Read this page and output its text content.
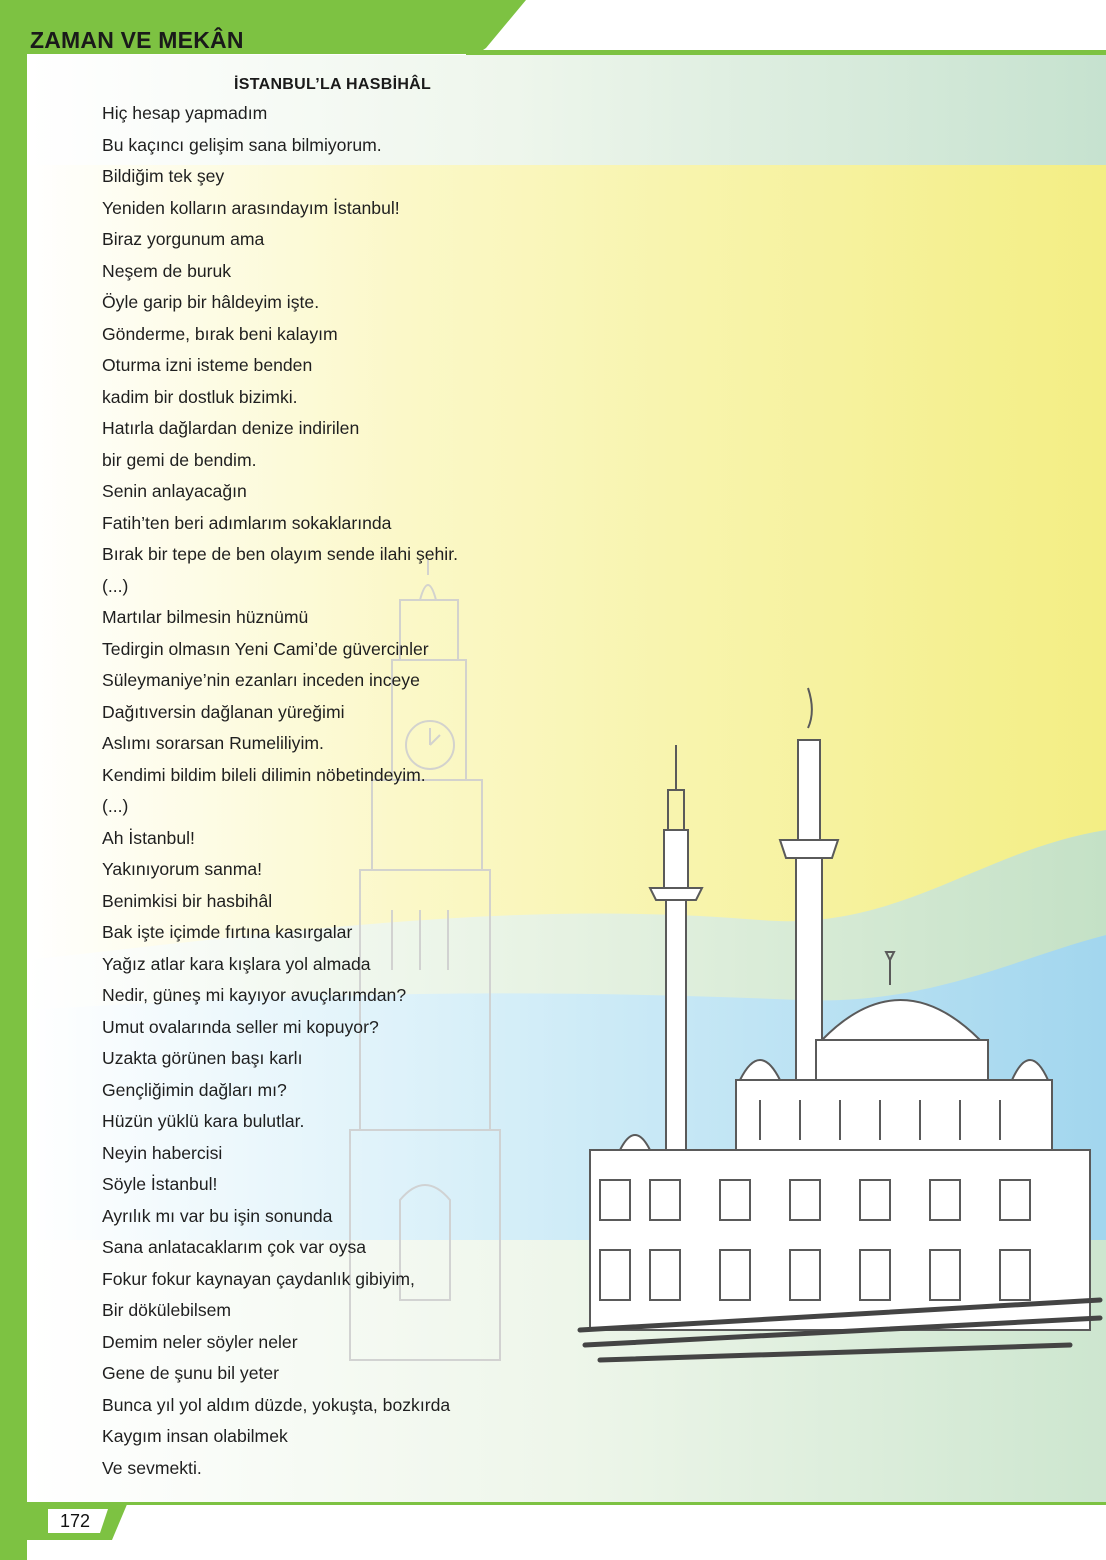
ZAMAN VE MEKÂN
İSTANBUL’LA HASBİHÂL
Hiç hesap yapmadım
Bu kaçıncı gelişim sana bilmiyorum.
Bildiğim tek şey
Yeniden kolların arasındayım İstanbul!
Biraz yorgunum ama
Neşem de buruk
Öyle garip bir hâldeyim işte.
Gönderme, bırak beni kalayım
Oturma izni isteme benden
kadim bir dostluk bizimki.
Hatırla dağlardan denize indirilen
bir gemi de bendim.
Senin anlayacağın
Fatih’ten beri adımlarım sokaklarında
Bırak bir tepe de ben olayım sende ilahi şehir.
(...)
Martılar bilmesin hüznümü
Tedirgin olmasın Yeni Cami’de güvercinler
Süleymaniye’nin ezanları inceden inceye
Dağıtıversin dağlanan yüreğimi
Aslımı sorarsan Rumeliliyim.
Kendimi bildim bileli dilimin nöbetindeyim.
(...)
Ah İstanbul!
Yakınıyorum sanma!
Benimkisi bir hasbihâl
Bak işte içimde fırtına kasırgalar
Yağız atlar kara kışlara yol almada
Nedir, güneş mi kayıyor avuçlarımdan?
Umut ovalarında seller mi kopuyor?
Uzakta görünen başı karlı
Gençliğimin dağları mı?
Hüzün yüklü kara bulutlar.
Neyin habercisi
Söyle İstanbul!
Ayrılık mı var bu işin sonunda
Sana anlatacaklarım çok var oysa
Fokur fokur kaynayan çaydanlık gibiyim,
Bir dökülebilsem
Demim neler söyler neler
Gene de şunu bil yeter
Bunca yıl yol aldım düzde, yokuşta, bozkırda
Kaygım insan olabilmek
Ve sevmekti.
172
